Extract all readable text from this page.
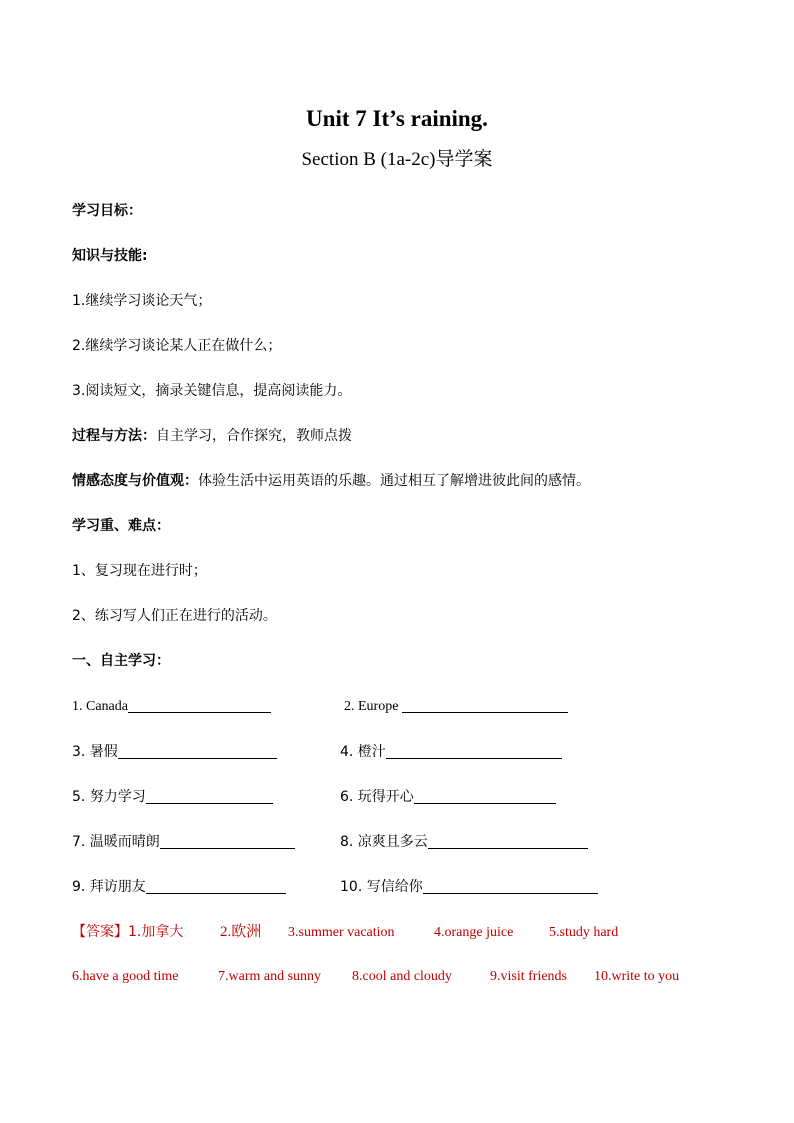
Unit 7 It’s raining.
Section B (1a-2c)导学案
学习目标：
知识与技能:
1.继续学习谈论天气；
2.继续学习谈论某人正在做什么；
3.阅读短文，摘录关键信息，提高阅读能力。
过程与方法：自主学习，合作探究，教师点拨
情感态度与价值观：体验生活中运用英语的乐趣。通过相互了解增进彼此间的感情。
学习重、难点：
1、复习现在进行时；
2、练习写人们正在进行的活动。
一、自主学习：
1. Canada	2. Europe
3. 暑假	4. 橙汁
5. 努力学习	6. 玩得开心
7. 温暖而晴朗	8. 凉爽且多云
9. 拜访朋友	10. 写信给你
【答案】1.加拿大 2.欧洲 3.summer vacation	4.orange juice	5.study hard
6.have a good time	7.warm and sunny 8.cool and cloudy	9.visit friends 10.write to you
